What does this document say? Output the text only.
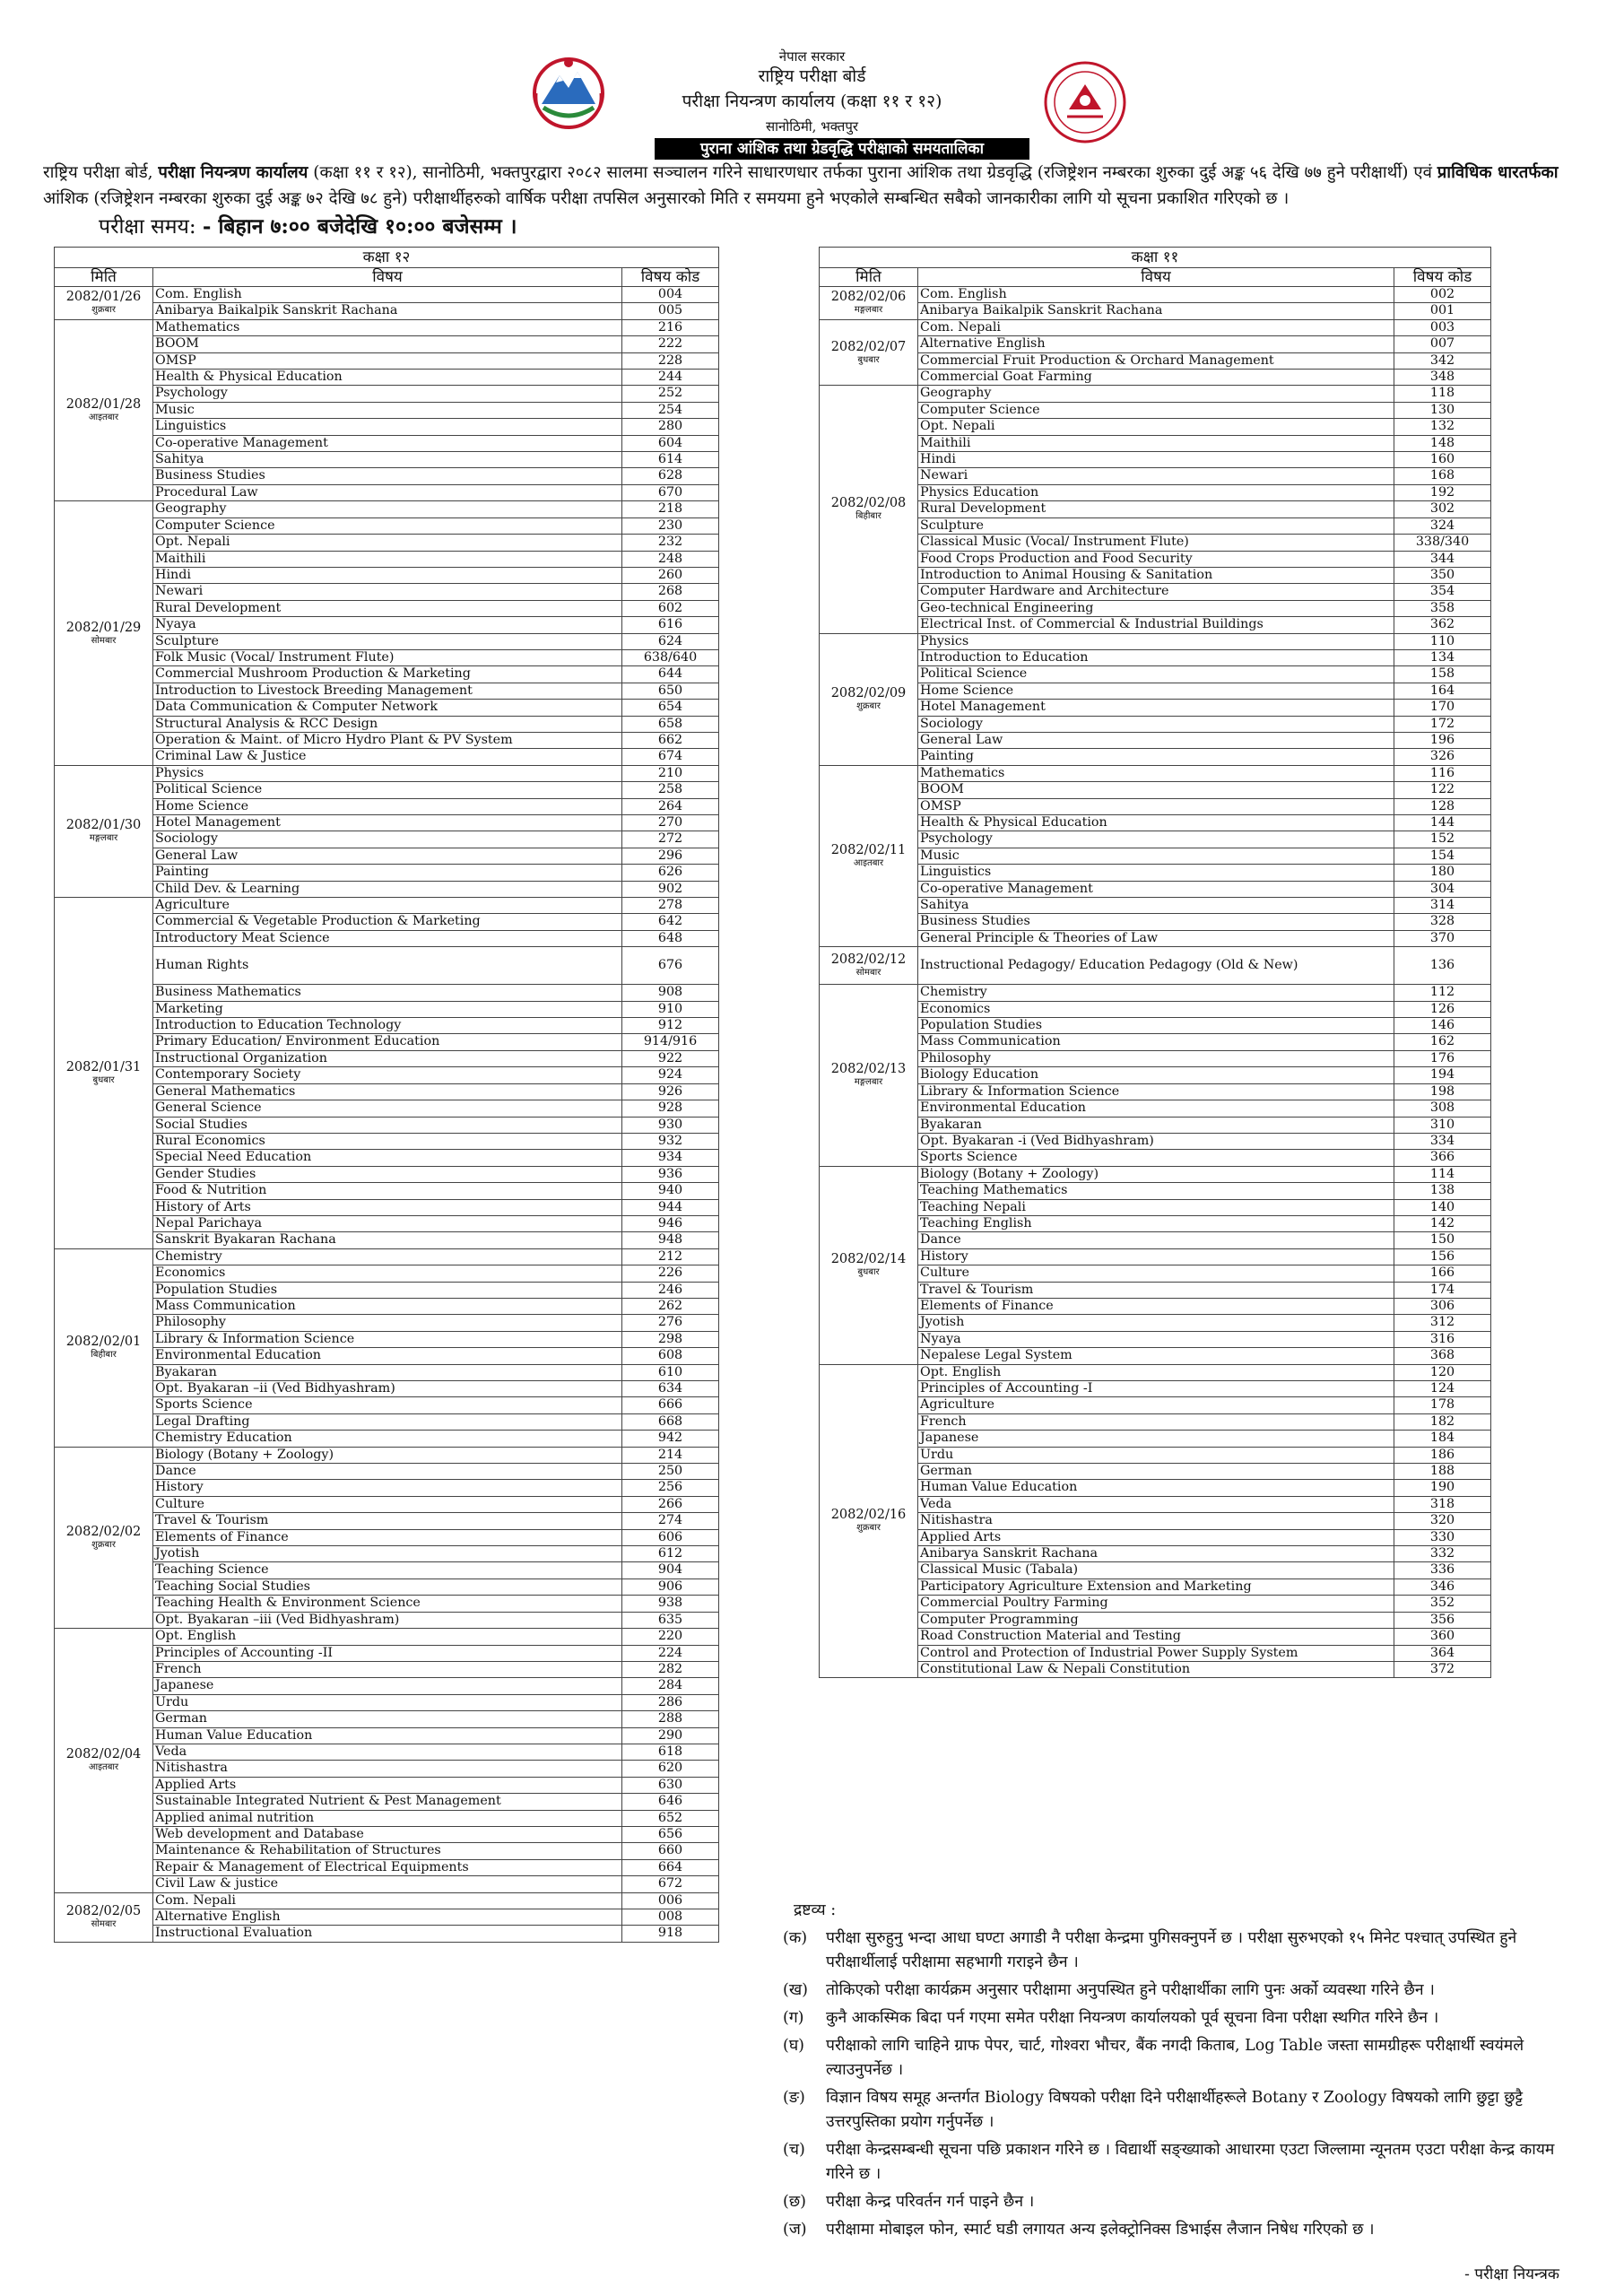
नेपाल सरकार
राष्ट्रिय परीक्षा बोर्ड
परीक्षा नियन्त्रण कार्यालय (कक्षा ११ र १२)
सानोठिमी, भक्तपुर
पुराना आंशिक तथा ग्रेडवृद्धि परीक्षाको समयतालिका
राष्ट्रिय परीक्षा बोर्ड, परीक्षा नियन्त्रण कार्यालय (कक्षा ११ र १२), सानोठिमी, भक्तपुरद्वारा २०८२ सालमा सञ्चालन गरिने साधारणधार तर्फका पुराना आंशिक तथा ग्रेडवृद्धि (रजिष्ट्रेशन नम्बरका शुरुका दुई अङ्क ५६ देखि ७७ हुने परीक्षार्थी) एवं प्राविधिक धारतर्फका आंशिक (रजिष्ट्रेशन नम्बरका शुरुका दुई अङ्क ७२ देखि ७८ हुने) परीक्षार्थीहरुको वार्षिक परीक्षा तपसिल अनुसारको मिति र समयमा हुने भएकोले सम्बन्धित सबैको जानकारीका लागि यो सूचना प्रकाशित गरिएको छ ।
परीक्षा समय: - बिहान ७:०० बजेदेखि १०:०० बजेसम्म ।
कक्षा १२		
मिति	विषय	विषय कोड
2082/01/26
शुक्रबार	Com. English	004
	Anibarya Baikalpik Sanskrit Rachana	005
2082/01/28
आइतबार	Mathematics	216
	BOOM	222
	OMSP	228
	Health & Physical Education	244
	Psychology	252
	Music	254
	Linguistics	280
	Co-operative Management	604
	Sahitya	614
	Business Studies	628
	Procedural Law	670
2082/01/29
सोमबार	Geography	218
	Computer Science	230
	Opt. Nepali	232
	Maithili	248
	Hindi	260
	Newari	268
	Rural Development	602
	Nyaya	616
	Sculpture	624
	Folk Music (Vocal/ Instrument Flute)	638/640
	Commercial Mushroom Production & Marketing	644
	Introduction to Livestock Breeding Management	650
	Data Communication & Computer Network	654
	Structural Analysis & RCC Design	658
	Operation & Maint. of Micro Hydro Plant & PV System	662
	Criminal Law & Justice	674
2082/01/30
मङ्गलबार	Physics	210
	Political Science	258
	Home Science	264
	Hotel Management	270
	Sociology	272
	General Law	296
	Painting	626
	Child Dev. & Learning	902
2082/01/31
बुधबार	Agriculture	278
	Commercial & Vegetable Production & Marketing	642
	Introductory Meat Science	648
	Human Rights	676
	Business Mathematics	908
	Marketing	910
	Introduction to Education Technology	912
	Primary Education/ Environment Education	914/916
	Instructional Organization	922
	Contemporary Society	924
	General Mathematics	926
	General Science	928
	Social Studies	930
	Rural Economics	932
	Special Need Education	934
	Gender Studies	936
	Food & Nutrition	940
	History of Arts	944
	Nepal Parichaya	946
	Sanskrit Byakaran Rachana	948
2082/02/01
बिहीबार	Chemistry	212
	Economics	226
	Population Studies	246
	Mass Communication	262
	Philosophy	276
	Library & Information Science	298
	Environmental Education	608
	Byakaran	610
	Opt. Byakaran –ii (Ved Bidhyashram)	634
	Sports Science	666
	Legal Drafting	668
	Chemistry Education	942
2082/02/02
शुक्रबार	Biology (Botany + Zoology)	214
	Dance	250
	History	256
	Culture	266
	Travel & Tourism	274
	Elements of Finance	606
	Jyotish	612
	Teaching Science	904
	Teaching Social Studies	906
	Teaching Health & Environment Science	938
	Opt. Byakaran –iii (Ved Bidhyashram)	635
2082/02/04
आइतबार	Opt. English	220
	Principles of Accounting -II	224
	French	282
	Japanese	284
	Urdu	286
	German	288
	Human Value Education	290
	Veda	618
	Nitishastra	620
	Applied Arts	630
	Sustainable Integrated Nutrient & Pest Management	646
	Applied animal nutrition	652
	Web development and Database	656
	Maintenance & Rehabilitation of Structures	660
	Repair & Management of Electrical Equipments	664
	Civil Law & justice	672
2082/02/05
सोमबार	Com. Nepali	006
	Alternative English	008
	Instructional Evaluation	918
कक्षा ११		
मिति	विषय	विषय कोड
2082/02/06
मङ्गलबार	Com. English	002
	Anibarya Baikalpik Sanskrit Rachana	001
2082/02/07
बुधबार	Com. Nepali	003
	Alternative English	007
	Commercial Fruit Production & Orchard Management	342
	Commercial Goat Farming	348
2082/02/08
बिहीबार	Geography	118
	Computer Science	130
	Opt. Nepali	132
	Maithili	148
	Hindi	160
	Newari	168
	Physics Education	192
	Rural Development	302
	Sculpture	324
	Classical Music (Vocal/ Instrument Flute)	338/340
	Food Crops Production and Food Security	344
	Introduction to Animal Housing & Sanitation	350
	Computer Hardware and Architecture	354
	Geo-technical Engineering	358
	Electrical Inst. of Commercial & Industrial Buildings	362
2082/02/09
शुक्रबार	Physics	110
	Introduction to Education	134
	Political Science	158
	Home Science	164
	Hotel Management	170
	Sociology	172
	General Law	196
	Painting	326
2082/02/11
आइतबार	Mathematics	116
	BOOM	122
	OMSP	128
	Health & Physical Education	144
	Psychology	152
	Music	154
	Linguistics	180
	Co-operative Management	304
	Sahitya	314
	Business Studies	328
	General Principle & Theories of Law	370
2082/02/12
सोमबार	Instructional Pedagogy/ Education Pedagogy (Old & New)	136
2082/02/13
मङ्गलबार	Chemistry	112
	Economics	126
	Population Studies	146
	Mass Communication	162
	Philosophy	176
	Biology Education	194
	Library & Information Science	198
	Environmental Education	308
	Byakaran	310
	Opt. Byakaran -i (Ved Bidhyashram)	334
	Sports Science	366
2082/02/14
बुधबार	Biology (Botany + Zoology)	114
	Teaching Mathematics	138
	Teaching Nepali	140
	Teaching English	142
	Dance	150
	History	156
	Culture	166
	Travel & Tourism	174
	Elements of Finance	306
	Jyotish	312
	Nyaya	316
	Nepalese Legal System	368
2082/02/16
शुक्रबार	Opt. English	120
	Principles of Accounting -I	124
	Agriculture	178
	French	182
	Japanese	184
	Urdu	186
	German	188
	Human Value Education	190
	Veda	318
	Nitishastra	320
	Applied Arts	330
	Anibarya Sanskrit Rachana	332
	Classical Music (Tabala)	336
	Participatory Agriculture Extension and Marketing	346
	Commercial Poultry Farming	352
	Computer Programming	356
	Road Construction Material and Testing	360
	Control and Protection of Industrial Power Supply System	364
	Constitutional Law & Nepali Constitution	372
द्रष्टव्य :
(क) परीक्षा सुरुहुनु भन्दा आधा घण्टा अगाडी नै परीक्षा केन्द्रमा पुगिसक्नुपर्ने छ । परीक्षा सुरुभएको १५ मिनेट पश्चात् उपस्थित हुने परीक्षार्थीलाई परीक्षामा सहभागी गराइने छैन ।
(ख) तोकिएको परीक्षा कार्यक्रम अनुसार परीक्षामा अनुपस्थित हुने परीक्षार्थीका लागि पुनः अर्को व्यवस्था गरिने छैन ।
(ग) कुनै आकस्मिक बिदा पर्न गएमा समेत परीक्षा नियन्त्रण कार्यालयको पूर्व सूचना विना परीक्षा स्थगित गरिने छैन ।
(घ) परीक्षाको लागि चाहिने ग्राफ पेपर, चार्ट, गोश्वरा भौचर, बैंक नगदी किताब, Log Table जस्ता सामग्रीहरू परीक्षार्थी स्वयंमले ल्याउनुपर्नेछ ।
(ङ) विज्ञान विषय समूह अन्तर्गत Biology विषयको परीक्षा दिने परीक्षार्थीहरूले Botany र Zoology विषयको लागि छुट्टा छुट्टै उत्तरपुस्तिका प्रयोग गर्नुपर्नेछ ।
(च) परीक्षा केन्द्रसम्बन्धी सूचना पछि प्रकाशन गरिने छ । विद्यार्थी सङ्ख्याको आधारमा एउटा जिल्लामा न्यूनतम एउटा परीक्षा केन्द्र कायम गरिने छ ।
(छ) परीक्षा केन्द्र परिवर्तन गर्न पाइने छैन ।
(ज) परीक्षामा मोबाइल फोन, स्मार्ट घडी लगायत अन्य इलेक्ट्रोनिक्स डिभाईस लैजान निषेध गरिएको छ ।
- परीक्षा नियन्त्रक
